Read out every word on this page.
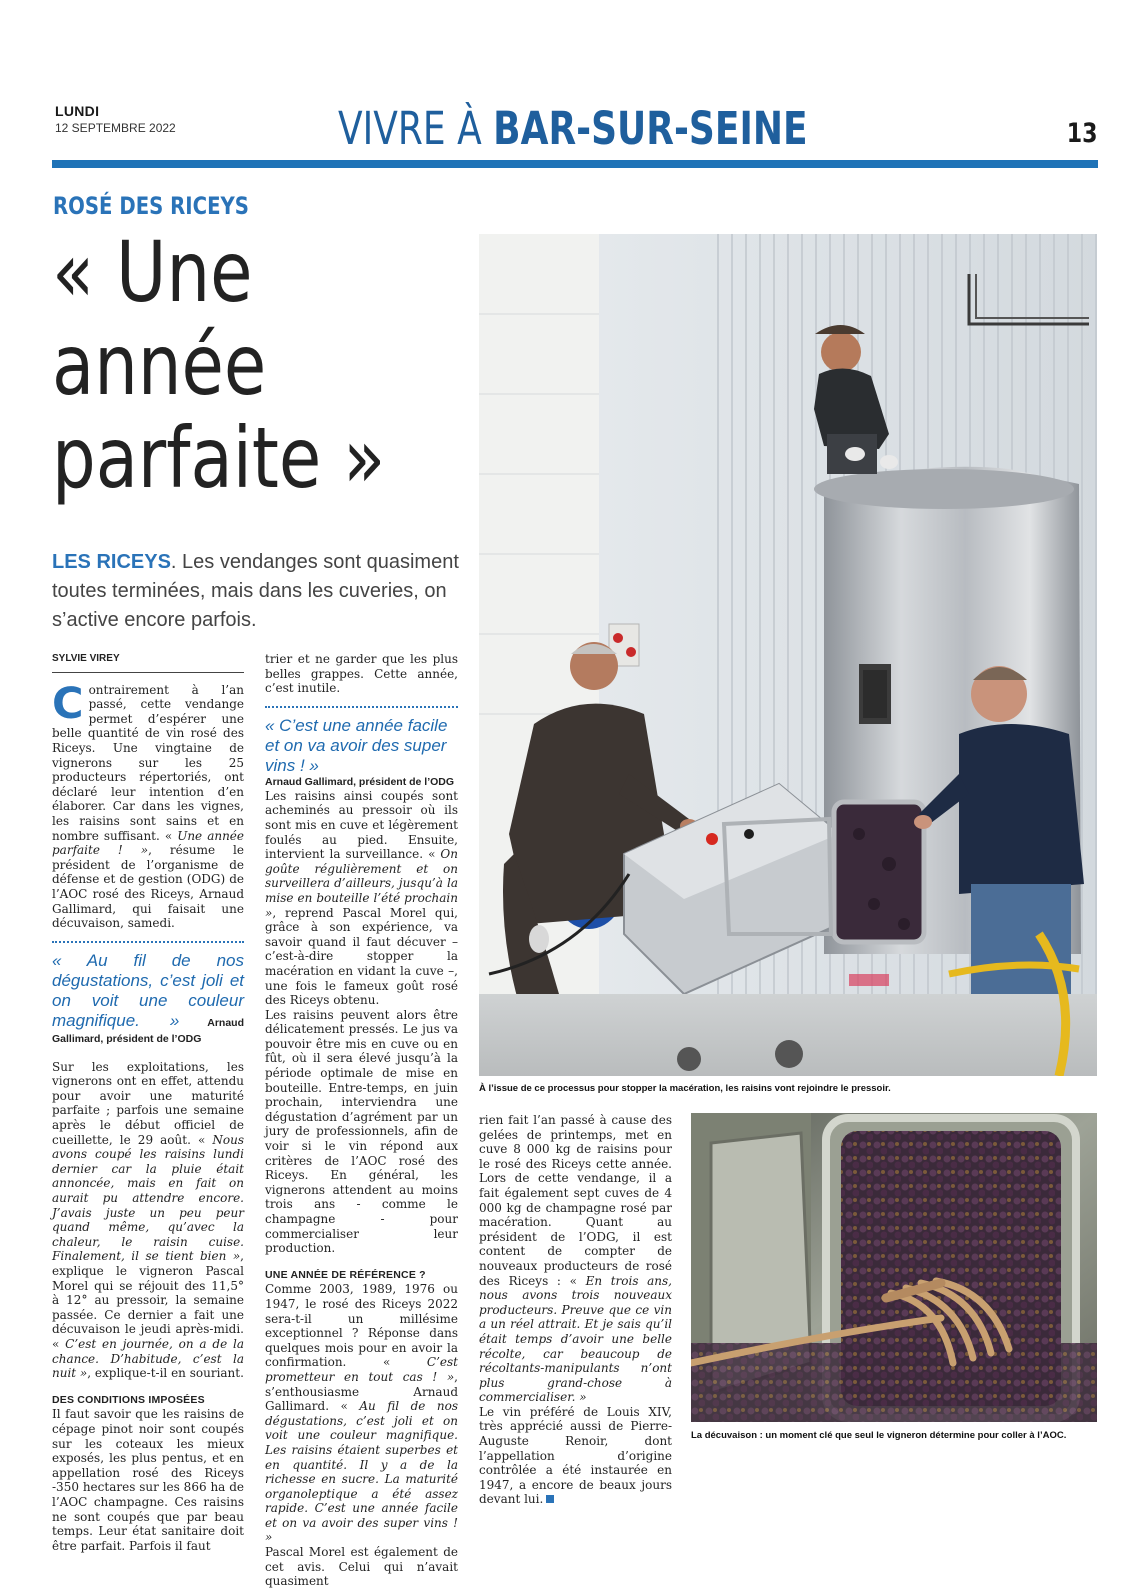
LUNDI
12 SEPTEMBRE 2022	VIVRE À BAR-SUR-SEINE	13
ROSÉ DES RICEYS
« Une année parfaite »

LES RICEYS. Les vendanges sont quasiment toutes terminées, mais dans les cuveries, on s’active encore parfois.

SYLVIE VIREY

Contrairement à l’an passé, cette vendange permet d’espérer une belle quantité de vin rosé des Riceys. Une vingtaine de vignerons sur les 25 producteurs répertoriés, ont déclaré leur intention d’en élaborer. Car dans les vignes, les raisins sont sains et en nombre suffisant. « Une année parfaite ! », résume le président de l’organisme de défense et de gestion (ODG) de l’AOC rosé des Riceys, Arnaud Gallimard, qui faisait une décuvaison, samedi.

« Au fil de nos dégustations, c’est joli et on voit une couleur magnifique. » Arnaud Gallimard, président de l’ODG

Sur les exploitations, les vignerons ont en effet, attendu pour avoir une maturité parfaite ; parfois une semaine après le début officiel de cueillette, le 29 août. « Nous avons coupé les raisins lundi dernier car la pluie était annoncée, mais en fait on aurait pu attendre encore. J’avais juste un peu peur quand même, qu’avec la chaleur, le raisin cuise. Finalement, il se tient bien », explique le vigneron Pascal Morel qui se réjouit des 11,5° à 12° au pressoir, la semaine passée. Ce dernier a fait une décuvaison le jeudi après-midi. « C’est en journée, on a de la chance. D’habitude, c’est la nuit », explique-t-il en souriant.

DES CONDITIONS IMPOSÉES

Il faut savoir que les raisins de cépage pinot noir sont coupés sur les coteaux les mieux exposés, les plus pentus, et en appellation rosé des Riceys -350 hectares sur les 866 ha de l’AOC champagne. Ces raisins ne sont coupés que par beau temps. Leur état sanitaire doit être parfait. Parfois il faut

trier et ne garder que les plus belles grappes. Cette année, c’est inutile.

« C’est une année facile et on va avoir des super vins ! »
Arnaud Gallimard, président de l’ODG

Les raisins ainsi coupés sont acheminés au pressoir où ils sont mis en cuve et légèrement foulés au pied. Ensuite, intervient la surveillance. « On goûte régulièrement et on surveillera d’ailleurs, jusqu’à la mise en bouteille l’été prochain », reprend Pascal Morel qui, grâce à son expérience, va savoir quand il faut décuver – c’est-à-dire stopper la macération en vidant la cuve –, une fois le fameux goût rosé des Riceys obtenu.

Les raisins peuvent alors être délicatement pressés. Le jus va pouvoir être mis en cuve ou en fût, où il sera élevé jusqu’à la période optimale de mise en bouteille. Entre-temps, en juin prochain, interviendra une dégustation d’agrément par un jury de professionnels, afin de voir si le vin répond aux critères de l’AOC rosé des Riceys. En général, les vignerons attendent au moins trois ans - comme le champagne - pour commercialiser leur production.

UNE ANNÉE DE RÉFÉRENCE ?

Comme 2003, 1989, 1976 ou 1947, le rosé des Riceys 2022 sera-t-il un millésime exceptionnel ? Réponse dans quelques mois pour en avoir la confirmation. « C’est prometteur en tout cas ! », s’enthousiasme Arnaud Gallimard. « Au fil de nos dégustations, c’est joli et on voit une couleur magnifique. Les raisins étaient superbes et en quantité. Il y a de la richesse en sucre. La maturité organoleptique a été assez rapide. C’est une année facile et on va avoir des super vins ! »

Pascal Morel est également de cet avis. Celui qui n’avait quasiment

rien fait l’an passé à cause des gelées de printemps, met en cuve 8 000 kg de raisins pour le rosé des Riceys cette année. Lors de cette vendange, il a fait également sept cuves de 4 000 kg de champagne rosé par macération. Quant au président de l’ODG, il est content de compter de nouveaux producteurs de rosé des Riceys : « En trois ans, nous avons trois nouveaux producteurs. Preuve que ce vin a un réel attrait. Et je sais qu’il était temps d’avoir une belle récolte, car beaucoup de récoltants-manipulants n’ont plus grand-chose à commercialiser. »

Le vin préféré de Louis XIV, très apprécié aussi de Pierre-Auguste Renoir, dont l’appellation d’origine contrôlée a été instaurée en 1947, a encore de beaux jours devant lui.

À l’issue de ce processus pour stopper la macération, les raisins vont rejoindre le pressoir.
La décuvaison : un moment clé que seul le vigneron détermine pour coller à l’AOC.
